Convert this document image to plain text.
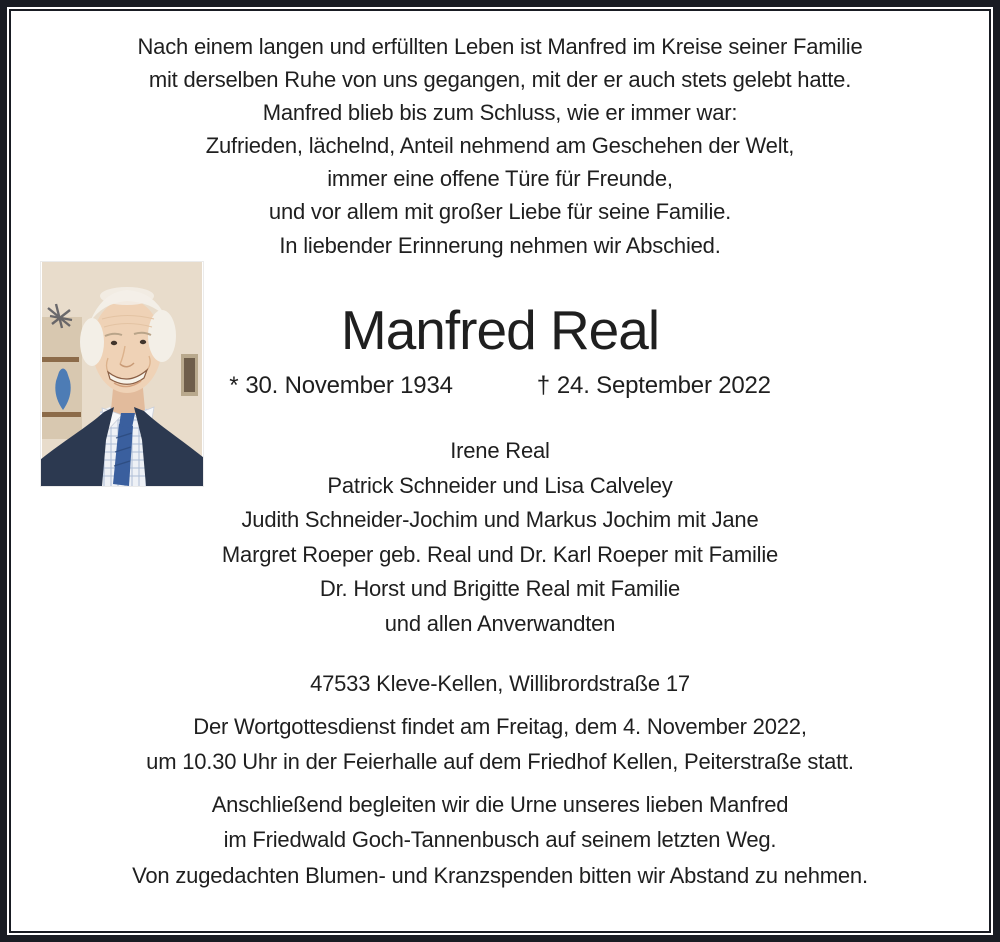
Nach einem langen und erfüllten Leben ist Manfred im Kreise seiner Familie
mit derselben Ruhe von uns gegangen, mit der er auch stets gelebt hatte.
Manfred blieb bis zum Schluss, wie er immer war:
Zufrieden, lächelnd, Anteil nehmend am Geschehen der Welt,
immer eine offene Türe für Freunde,
und vor allem mit großer Liebe für seine Familie.

In liebender Erinnerung nehmen wir Abschied.

Manfred Real
* 30. November 1934	† 24. September 2022
Irene Real
Patrick Schneider und Lisa Calveley
Judith Schneider-Jochim und Markus Jochim mit Jane
Margret Roeper geb. Real und Dr. Karl Roeper mit Familie
Dr. Horst und Brigitte Real mit Familie
und allen Anverwandten

47533 Kleve-Kellen, Willibrordstraße 17

Der Wortgottesdienst findet am Freitag, dem 4. November 2022,
um 10.30 Uhr in der Feierhalle auf dem Friedhof Kellen, Peiterstraße statt.
Anschließend begleiten wir die Urne unseres lieben Manfred
im Friedwald Goch-Tannenbusch auf seinem letzten Weg.

Von zugedachten Blumen- und Kranzspenden bitten wir Abstand zu nehmen.
